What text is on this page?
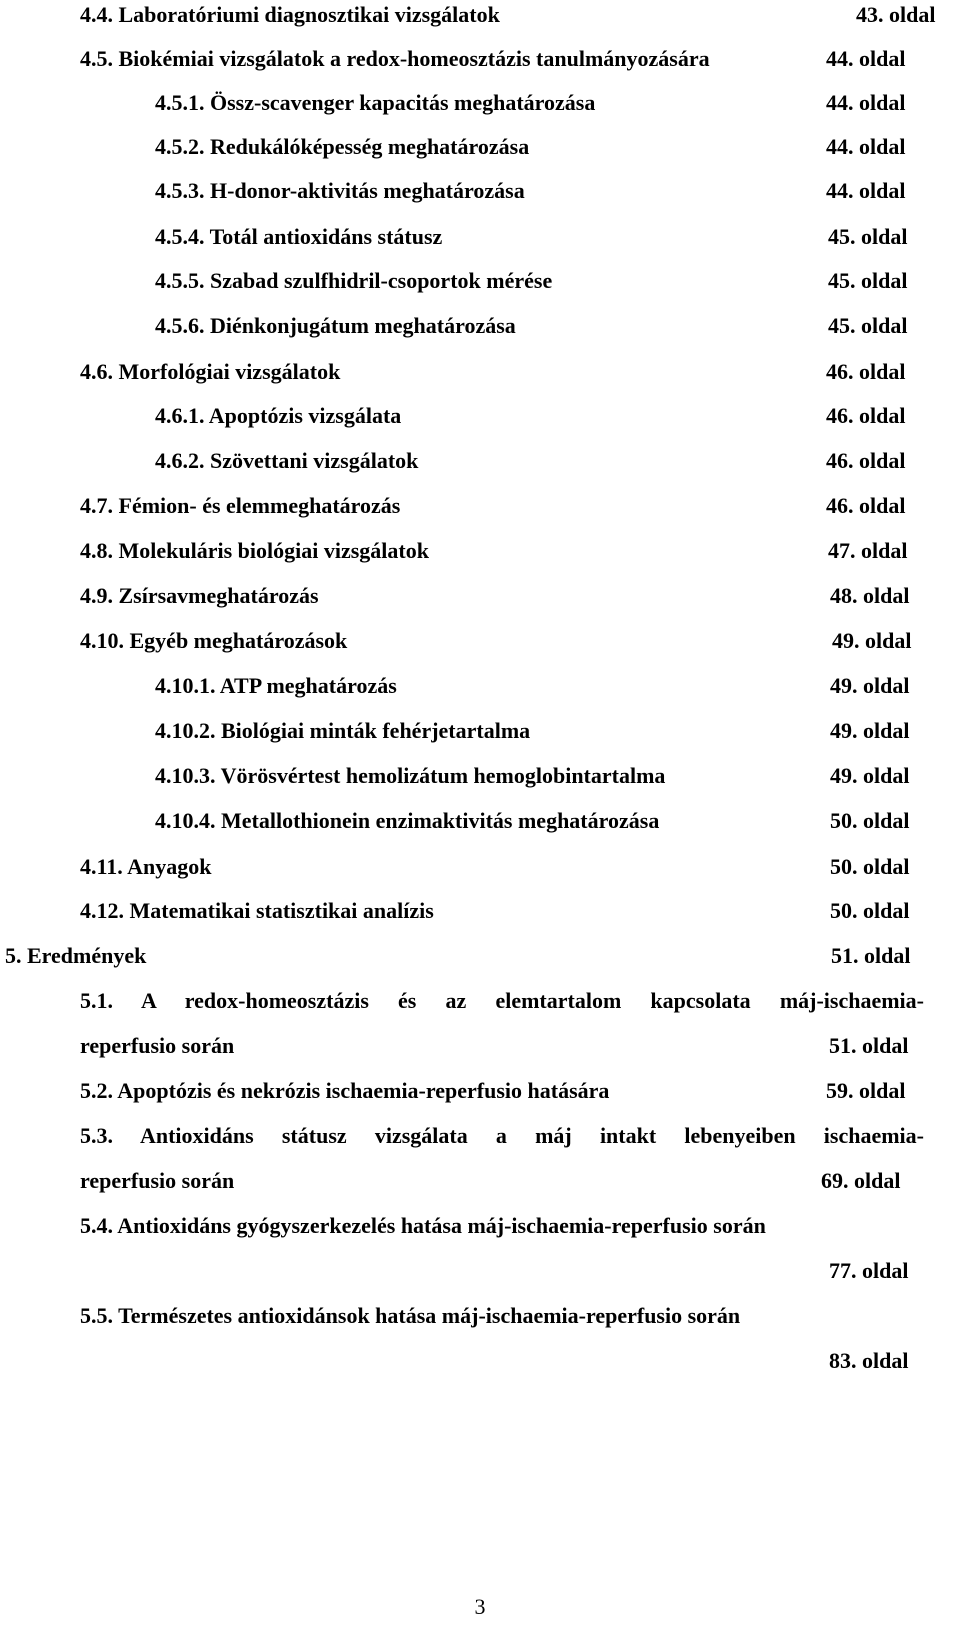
4.4. Laboratóriumi diagnosztikai vizsgálatok	43. oldal
4.5. Biokémiai vizsgálatok a redox-homeosztázis tanulmányozására	44. oldal
4.5.1. Össz-scavenger kapacitás meghatározása	44. oldal
4.5.2. Redukálóképesség meghatározása	44. oldal
4.5.3. H-donor-aktivitás meghatározása	44. oldal
4.5.4. Totál antioxidáns státusz	45. oldal
4.5.5. Szabad szulfhidril-csoportok mérése	45. oldal
4.5.6. Diénkonjugátum meghatározása	45. oldal
4.6. Morfológiai vizsgálatok	46. oldal
4.6.1. Apoptózis vizsgálata	46. oldal
4.6.2. Szövettani vizsgálatok	46. oldal
4.7. Fémion- és elemmeghatározás	46. oldal
4.8. Molekuláris biológiai vizsgálatok	47. oldal
4.9. Zsírsavmeghatározás	48. oldal
4.10. Egyéb meghatározások	49. oldal
4.10.1. ATP meghatározás	49. oldal
4.10.2. Biológiai minták fehérjetartalma	49. oldal
4.10.3. Vörösvértest hemolizátum hemoglobintartalma	49. oldal
4.10.4. Metallothionein enzimaktivitás meghatározása	50. oldal
4.11. Anyagok	50. oldal
4.12. Matematikai statisztikai analízis	50. oldal
5. Eredmények	51. oldal
5.1. A redox-homeosztázis és az elemtartalom kapcsolata máj-ischaemia-
reperfusio során	51. oldal
5.2. Apoptózis és nekrózis ischaemia-reperfusio hatására	59. oldal
5.3. Antioxidáns státusz vizsgálata a máj intakt lebenyeiben ischaemia-
reperfusio során	69. oldal
5.4. Antioxidáns gyógyszerkezelés hatása máj-ischaemia-reperfusio során
77. oldal
5.5. Természetes antioxidánsok hatása máj-ischaemia-reperfusio során
83. oldal
3
